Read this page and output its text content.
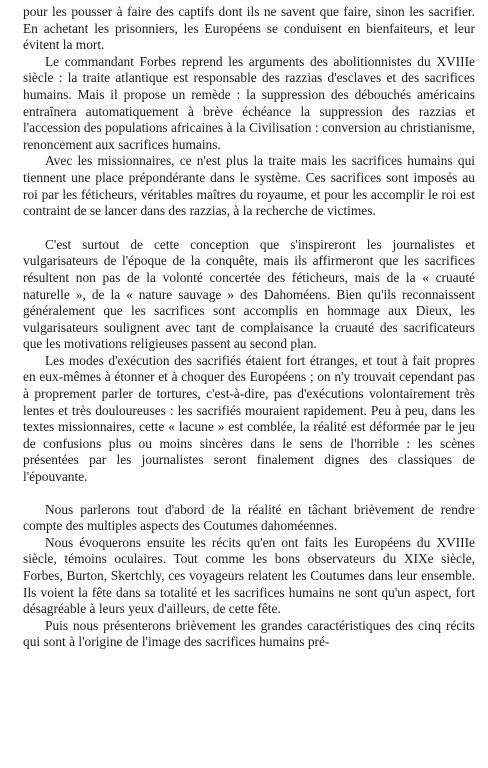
pour les pousser à faire des captifs dont ils ne savent que faire, sinon les sacrifier. En achetant les prisonniers, les Européens se conduisent en bienfaiteurs, et leur évitent la mort.

Le commandant Forbes reprend les arguments des abolitionnistes du XVIIIe siècle : la traite atlantique est responsable des razzias d'esclaves et des sacrifices humains. Mais il propose un remède : la suppression des débouchés américains entraînera automatiquement à brève échéance la suppression des razzias et l'accession des populations africaines à la Civilisation : conversion au christianisme, renoncement aux sacrifices humains.

Avec les missionnaires, ce n'est plus la traite mais les sacrifices humains qui tiennent une place prépondérante dans le système. Ces sacrifices sont imposés au roi par les féticheurs, véritables maîtres du royaume, et pour les accomplir le roi est contraint de se lancer dans des razzias, à la recherche de victimes.

C'est surtout de cette conception que s'inspireront les journalistes et vulgarisateurs de l'époque de la conquête, mais ils affirmeront que les sacrifices résultent non pas de la volonté concertée des féticheurs, mais de la « cruauté naturelle », de la « nature sauvage » des Dahoméens. Bien qu'ils reconnaissent généralement que les sacrifices sont accomplis en hommage aux Dieux, les vulgarisateurs soulignent avec tant de complaisance la cruauté des sacrificateurs que les motivations religieuses passent au second plan.

Les modes d'exécution des sacrifiés étaient fort étranges, et tout à fait propres en eux-mêmes à étonner et à choquer des Européens ; on n'y trouvait cependant pas à proprement parler de tortures, c'est-à-dire, pas d'exécutions volontairement très lentes et très douloureuses : les sacrifiés mouraient rapidement. Peu à peu, dans les textes missionnaires, cette « lacune » est comblée, la réalité est déformée par le jeu de confusions plus ou moins sincères dans le sens de l'horrible : les scènes présentées par les journalistes seront finalement dignes des classiques de l'épouvante.

Nous parlerons tout d'abord de la réalité en tâchant brièvement de rendre compte des multiples aspects des Coutumes dahoméennes.

Nous évoquerons ensuite les récits qu'en ont faits les Européens du XVIIIe siècle, témoins oculaires. Tout comme les bons observateurs du XIXe siècle, Forbes, Burton, Skertchly, ces voyageurs relatent les Coutumes dans leur ensemble. Ils voient la fête dans sa totalité et les sacrifices humains ne sont qu'un aspect, fort désagréable à leurs yeux d'ailleurs, de cette fête.

Puis nous présenterons brièvement les grandes caractéristiques des cinq récits qui sont à l'origine de l'image des sacrifices humains pré-
